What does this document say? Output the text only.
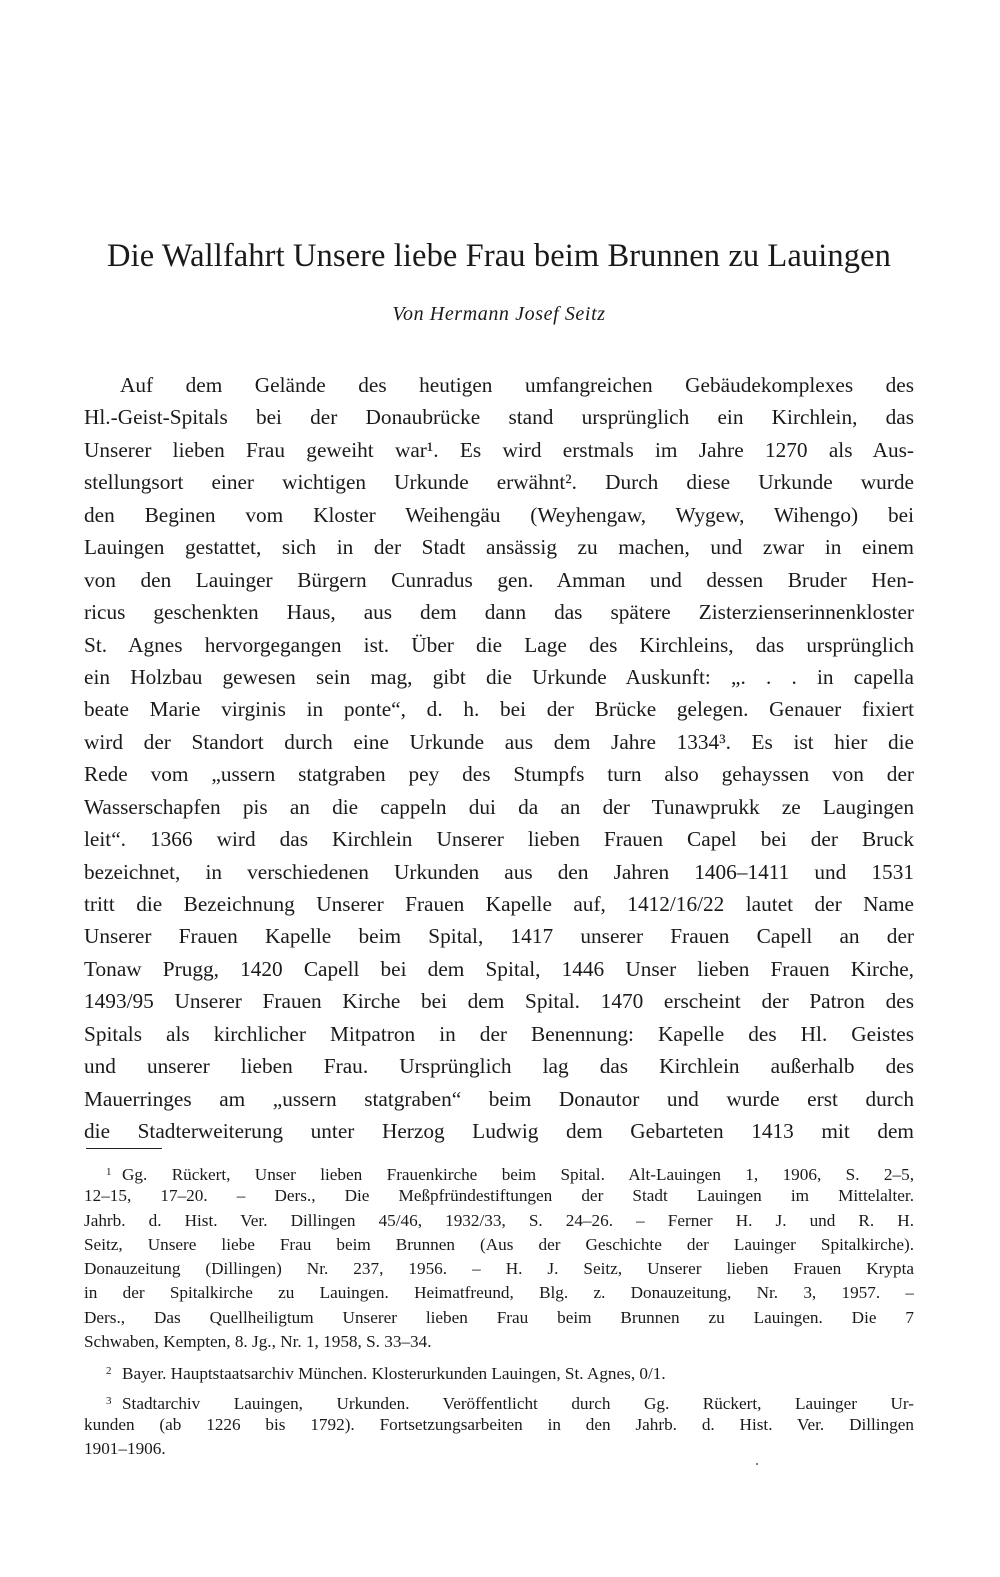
Die Wallfahrt Unsere liebe Frau beim Brunnen zu Lauingen
Von Hermann Josef Seitz
Auf dem Gelände des heutigen umfangreichen Gebäudekomplexes des
Hl.-Geist-Spitals bei der Donaubrücke stand ursprünglich ein Kirchlein, das
Unserer lieben Frau geweiht war¹. Es wird erstmals im Jahre 1270 als Aus-
stellungsort einer wichtigen Urkunde erwähnt². Durch diese Urkunde wurde
den Beginen vom Kloster Weihengäu (Weyhengaw, Wygew, Wihengo) bei
Lauingen gestattet, sich in der Stadt ansässig zu machen, und zwar in einem
von den Lauinger Bürgern Cunradus gen. Amman und dessen Bruder Hen-
ricus geschenkten Haus, aus dem dann das spätere Zisterzienserinnenkloster
St. Agnes hervorgegangen ist. Über die Lage des Kirchleins, das ursprünglich
ein Holzbau gewesen sein mag, gibt die Urkunde Auskunft: „. . . in capella
beate Marie virginis in ponte“, d. h. bei der Brücke gelegen. Genauer fixiert
wird der Standort durch eine Urkunde aus dem Jahre 1334³. Es ist hier die
Rede vom „ussern statgraben pey des Stumpfs turn also gehayssen von der
Wasserschapfen pis an die cappeln dui da an der Tunawprukk ze Laugingen
leit“. 1366 wird das Kirchlein Unserer lieben Frauen Capel bei der Bruck
bezeichnet, in verschiedenen Urkunden aus den Jahren 1406–1411 und 1531
tritt die Bezeichnung Unserer Frauen Kapelle auf, 1412/16/22 lautet der Name
Unserer Frauen Kapelle beim Spital, 1417 unserer Frauen Capell an der
Tonaw Prugg, 1420 Capell bei dem Spital, 1446 Unser lieben Frauen Kirche,
1493/95 Unserer Frauen Kirche bei dem Spital. 1470 erscheint der Patron des
Spitals als kirchlicher Mitpatron in der Benennung: Kapelle des Hl. Geistes
und unserer lieben Frau. Ursprünglich lag das Kirchlein außerhalb des
Mauerringes am „ussern statgraben“ beim Donautor und wurde erst durch
die Stadterweiterung unter Herzog Ludwig dem Gebarteten 1413 mit dem
1 Gg. Rückert, Unser lieben Frauenkirche beim Spital. Alt-Lauingen 1, 1906, S. 2–5,
12–15, 17–20. – Ders., Die Meßpfründestiftungen der Stadt Lauingen im Mittelalter.
Jahrb. d. Hist. Ver. Dillingen 45/46, 1932/33, S. 24–26. – Ferner H. J. und R. H.
Seitz, Unsere liebe Frau beim Brunnen (Aus der Geschichte der Lauinger Spitalkirche).
Donauzeitung (Dillingen) Nr. 237, 1956. – H. J. Seitz, Unserer lieben Frauen Krypta
in der Spitalkirche zu Lauingen. Heimatfreund, Blg. z. Donauzeitung, Nr. 3, 1957. –
Ders., Das Quellheiligtum Unserer lieben Frau beim Brunnen zu Lauingen. Die 7
Schwaben, Kempten, 8. Jg., Nr. 1, 1958, S. 33–34.
2 Bayer. Hauptstaatsarchiv München. Klosterurkunden Lauingen, St. Agnes, 0/1.
3 Stadtarchiv Lauingen, Urkunden. Veröffentlicht durch Gg. Rückert, Lauinger Ur-
kunden (ab 1226 bis 1792). Fortsetzungsarbeiten in den Jahrb. d. Hist. Ver. Dillingen
1901–1906.
